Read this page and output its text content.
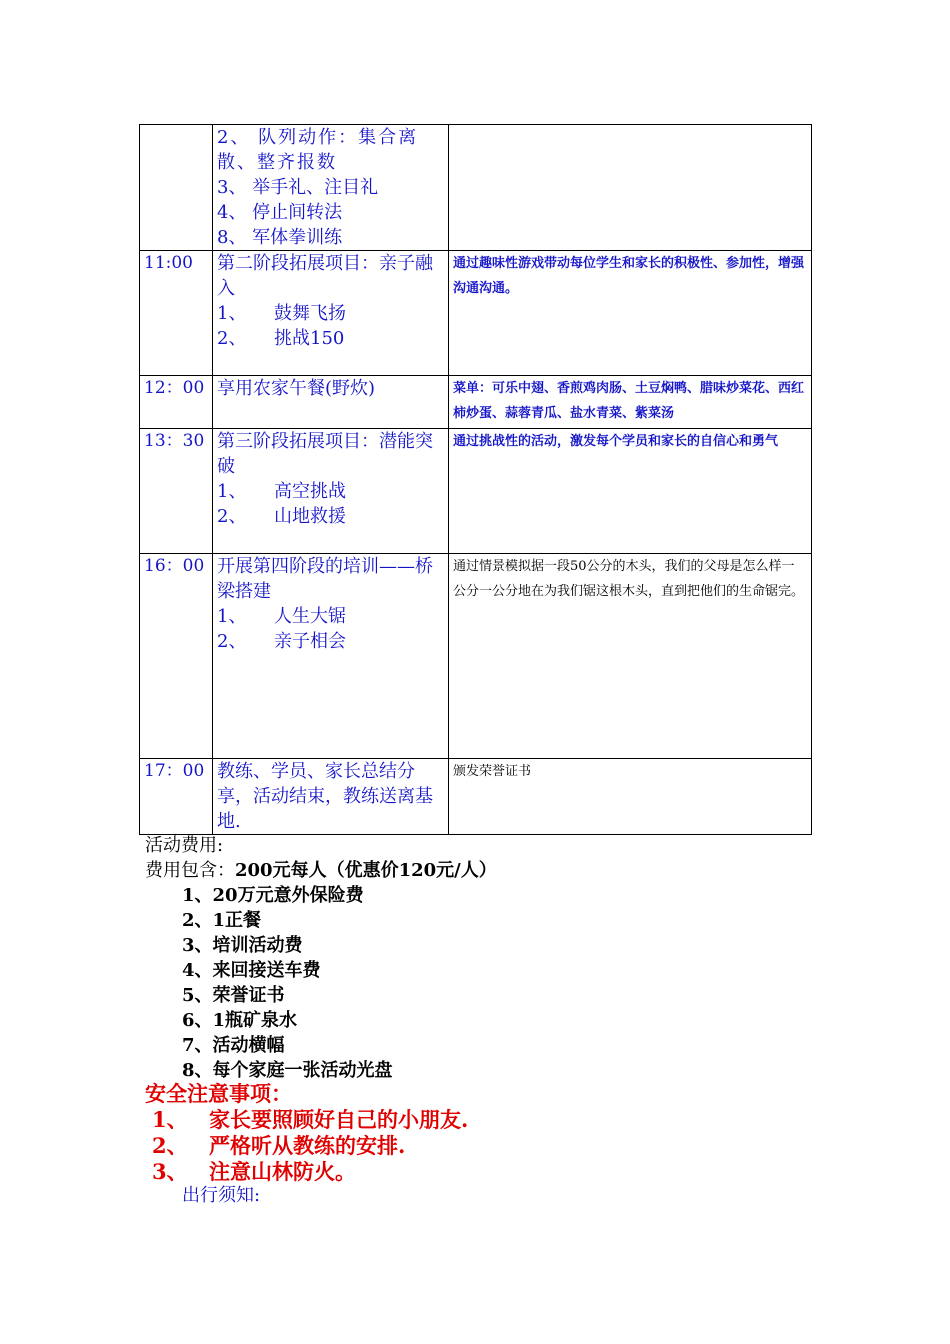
	2、 队列动作：集合离散、整齐报数
3、 举手礼、注目礼
4、 停止间转法
8、 军体拳训练	

11:00	第二阶段拓展项目：亲子融入
1、 鼓舞飞扬
2、 挑战150	通过趣味性游戏带动每位学生和家长的积极性、参加性，增强沟通沟通。
12：00	享用农家午餐(野炊)	菜单：可乐中翅、香煎鸡肉肠、土豆焖鸭、腊味炒菜花、西红柿炒蛋、蒜蓉青瓜、盐水青菜、紫菜汤
13：30	第三阶段拓展项目：潜能突破
1、 高空挑战
2、 山地救援	通过挑战性的活动，激发每个学员和家长的自信心和勇气
16：00	开展第四阶段的培训——桥梁搭建
1、 人生大锯
2、 亲子相会	通过情景模拟据一段50公分的木头，我们的父母是怎么样一公分一公分地在为我们锯这根木头，直到把他们的生命锯完。
17：00	教练、学员、家长总结分享，活动结束，教练送离基地.	颁发荣誉证书
活动费用:
费用包含：200元每人（优惠价120元/人）
1、20万元意外保险费
2、1正餐
3、培训活动费
4、来回接送车费
5、荣誉证书
6、1瓶矿泉水
7、活动横幅
8、每个家庭一张活动光盘
安全注意事项：
1、 家长要照顾好自己的小朋友.
2、 严格听从教练的安排.
3、 注意山林防火。
出行须知:
